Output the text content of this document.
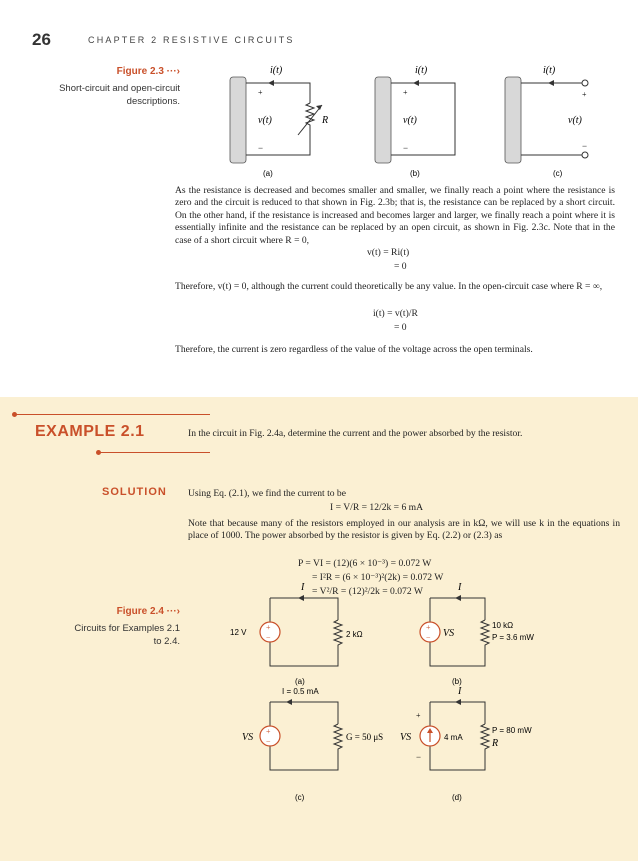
26	CHAPTER 2 RESISTIVE CIRCUITS
Figure 2.3 ···›
Short-circuit and open-circuit
descriptions.
i(t)
+
v(t)
−
R
(a)
i(t)
+
v(t)
−
(b)
i(t)
+
v(t)
−
(c)
As the resistance is decreased and becomes smaller and smaller, we finally reach a point where the resistance is zero and the circuit is reduced to that shown in Fig. 2.3b; that is, the resistance can be replaced by a short circuit. On the other hand, if the resistance is increased and becomes larger and larger, we finally reach a point where it is essentially infinite and the resistance can be replaced by an open circuit, as shown in Fig. 2.3c. Note that in the case of a short circuit where R = 0,
v(t) = Ri(t)
= 0
Therefore, v(t) = 0, although the current could theoretically be any value. In the open-circuit case where R = ∞,
i(t) = v(t)/R
= 0
Therefore, the current is zero regardless of the value of the voltage across the open terminals.
EXAMPLE 2.1	In the circuit in Fig. 2.4a, determine the current and the power absorbed by the resistor.
SOLUTION Using Eq. (2.1), we find the current to be
I = V/R = 12/2k = 6 mA
Note that because many of the resistors employed in our analysis are in kΩ, we will use k in the equations in place of 1000. The power absorbed by the resistor is given by Eq. (2.2) or (2.3) as
P = VI = (12)(6 × 10⁻³) = 0.072 W
= I²R = (6 × 10⁻³)²(2k) = 0.072 W
= V²/R = (12)²/2k = 0.072 W
Figure 2.4 ···›
Circuits for Examples 2.1
to 2.4.
+
−
I
12 V	2 kΩ
(a)
+
−
I
VS
10 kΩ
P = 3.6 mW
(b)
+
−
I = 0.5 mA
VS	G = 50 μS
(c)
I
+
−
VS	4 mA
P = 80 mW
R
(d)
